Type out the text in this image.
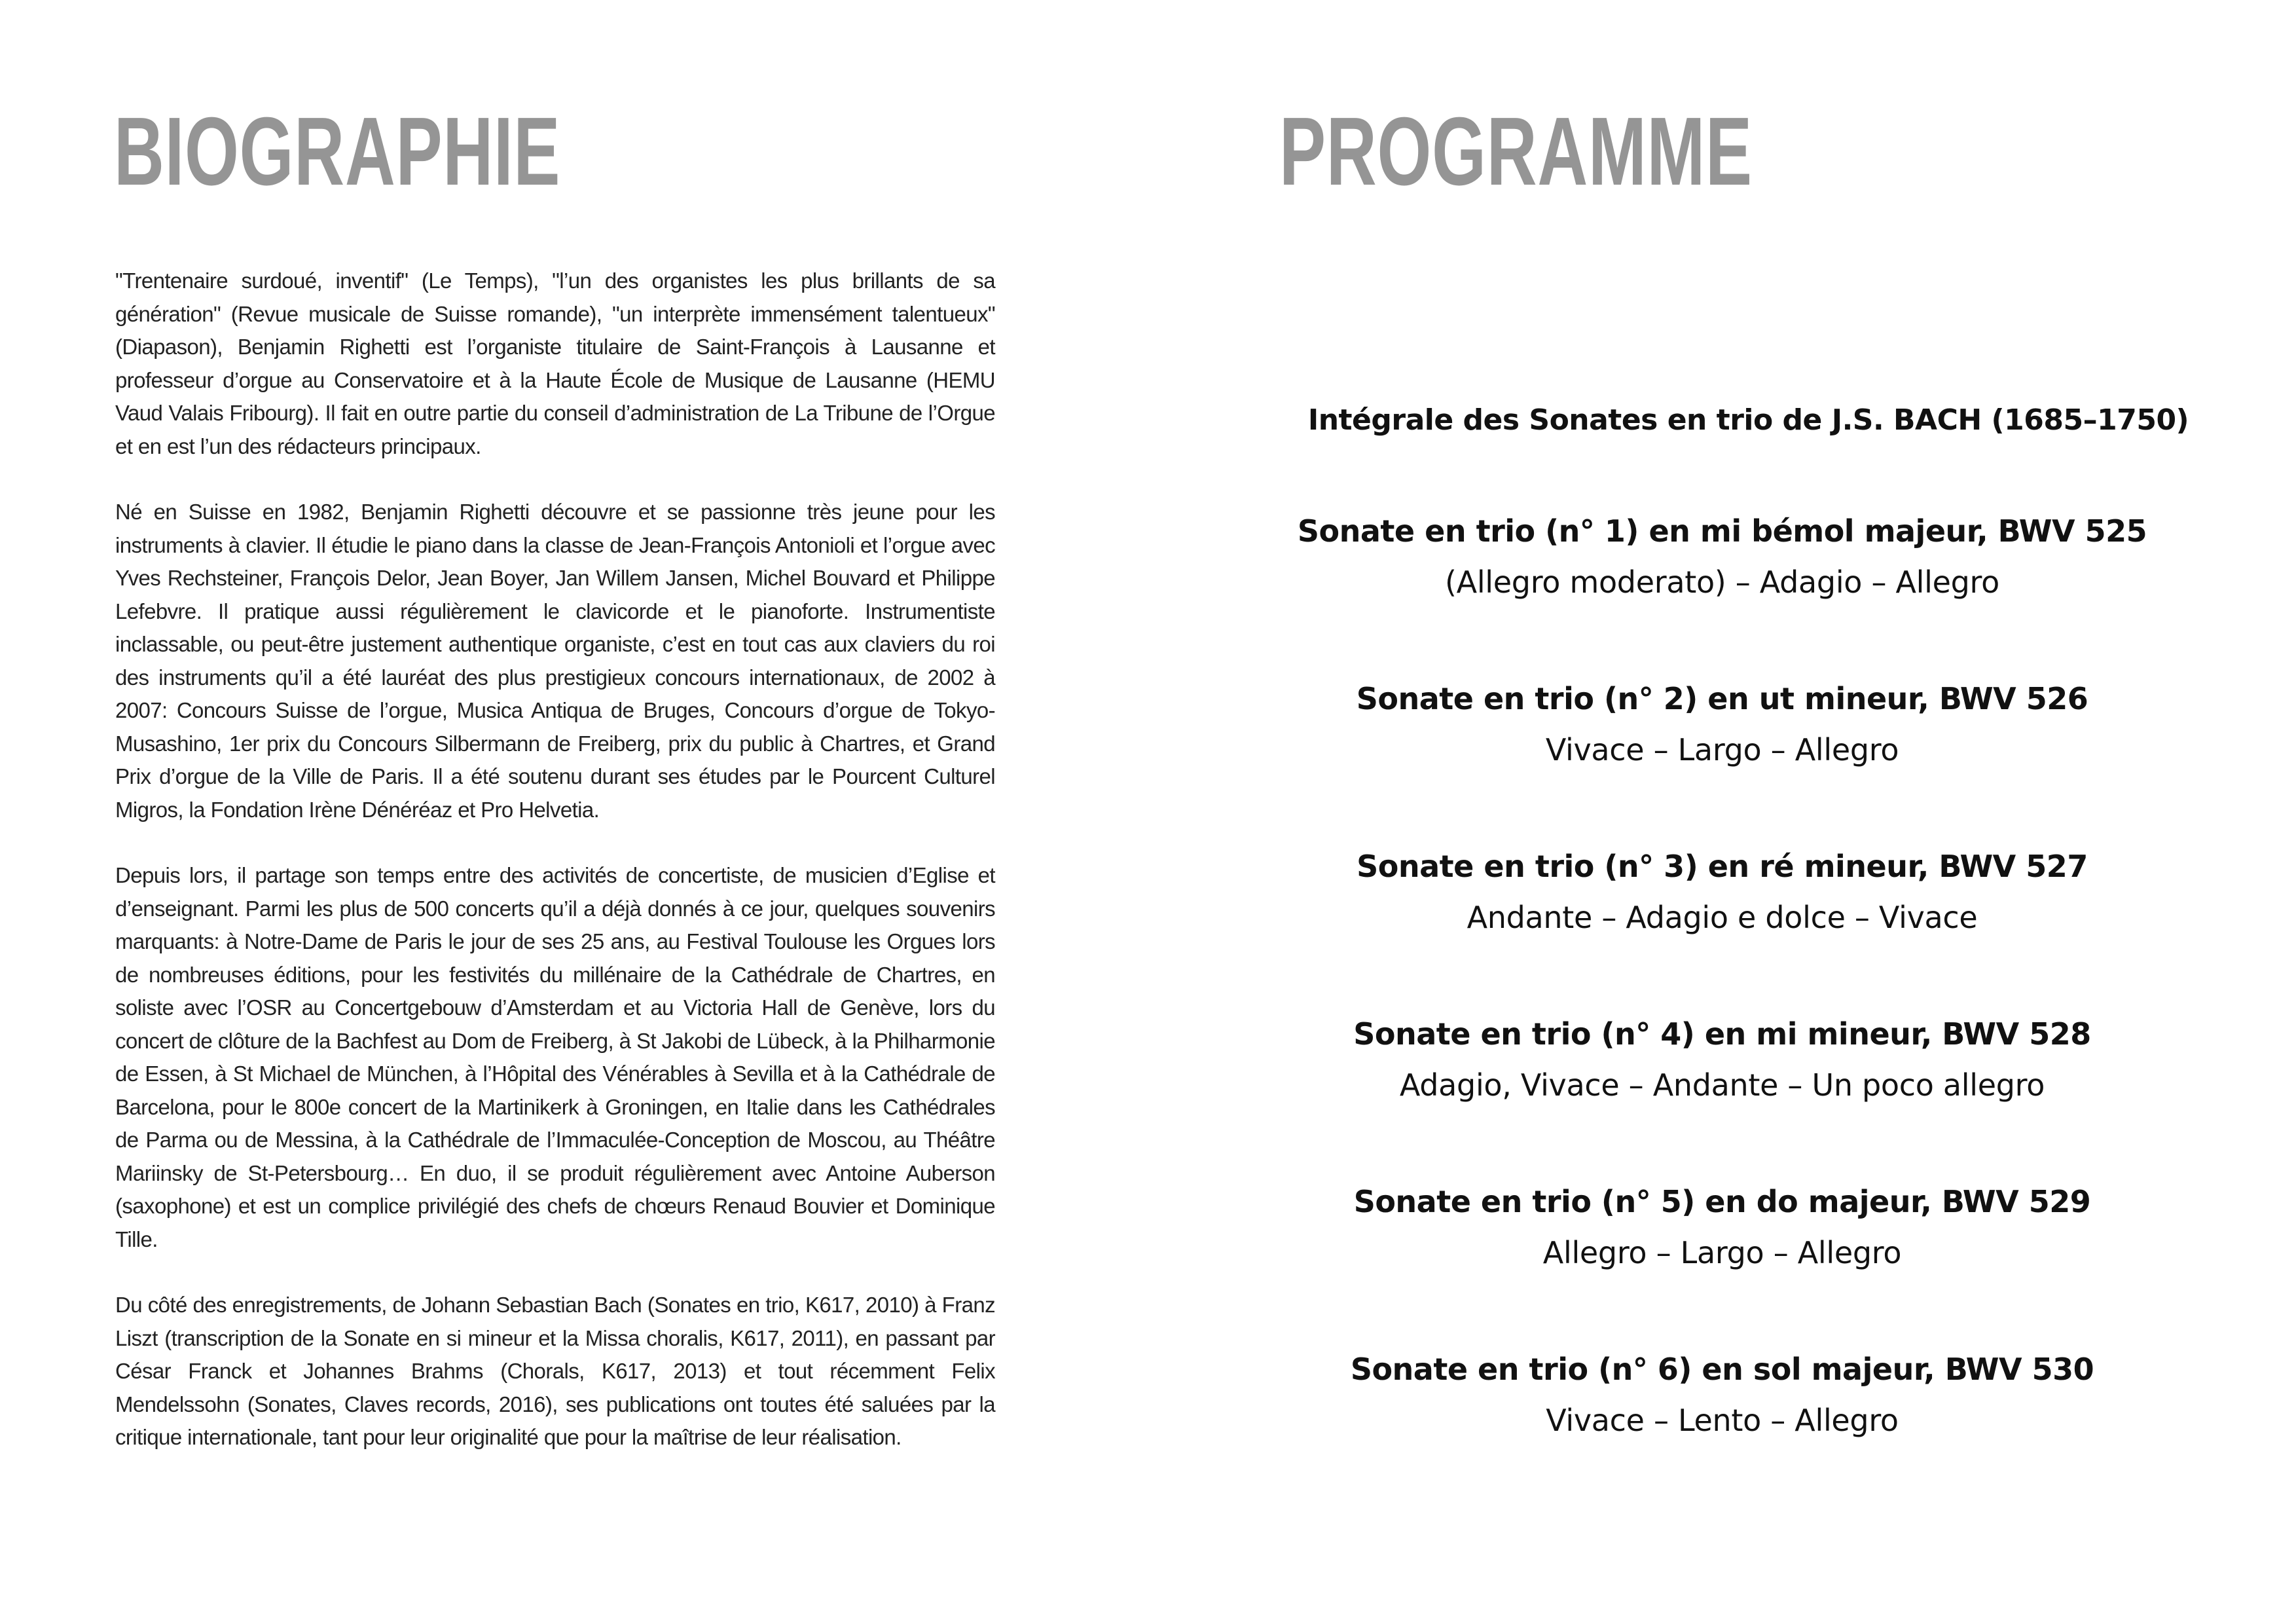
BIOGRAPHIE

"Trentenaire surdoué, inventif" (Le Temps), "l’un des organistes les plus brillants de sa génération" (Revue musicale de Suisse romande), "un interprète immensément talentueux" (Diapason), Benjamin Righetti est l’organiste titulaire de Saint-François à Lausanne et professeur d’orgue au Conservatoire et à la Haute École de Musique de Lausanne (HEMU Vaud Valais Fribourg). Il fait en outre partie du conseil d’administration de La Tribune de l’Orgue et en est l’un des rédacteurs principaux.

Né en Suisse en 1982, Benjamin Righetti découvre et se passionne très jeune pour les instruments à clavier. Il étudie le piano dans la classe de Jean-François Antonioli et l’orgue avec Yves Rechsteiner, François Delor, Jean Boyer, Jan Willem Jansen, Michel Bouvard et Philippe Lefebvre. Il pratique aussi régulièrement le clavicorde et le pianoforte. Instrumentiste inclassable, ou peut-être justement authentique organiste, c’est en tout cas aux claviers du roi des instruments qu’il a été lauréat des plus prestigieux concours internationaux, de 2002 à 2007: Concours Suisse de l’orgue, Musica Antiqua de Bruges, Concours d’orgue de Tokyo-Musashino, 1er prix du Concours Silbermann de Freiberg, prix du public à Chartres, et Grand Prix d’orgue de la Ville de Paris. Il a été soutenu durant ses études par le Pourcent Culturel Migros, la Fondation Irène Dénéréaz et Pro Helvetia.

Depuis lors, il partage son temps entre des activités de concertiste, de musicien d’Eglise et d’enseignant. Parmi les plus de 500 concerts qu’il a déjà donnés à ce jour, quelques souvenirs marquants: à Notre-Dame de Paris le jour de ses 25 ans, au Festival Toulouse les Orgues lors de nombreuses éditions, pour les festivités du millénaire de la Cathédrale de Chartres, en soliste avec l’OSR au Concertgebouw d’Amsterdam et au Victoria Hall de Genève, lors du concert de clôture de la Bachfest au Dom de Freiberg, à St Jakobi de Lübeck, à la Philharmonie de Essen, à St Michael de München, à l’Hôpital des Vénérables à Sevilla et à la Cathédrale de Barcelona, pour le 800e concert de la Martinikerk à Groningen, en Italie dans les Cathédrales de Parma ou de Messina, à la Cathédrale de l’Immaculée-Conception de Moscou, au Théâtre Mariinsky de St-Petersbourg… En duo, il se produit régulièrement avec Antoine Auberson (saxophone) et est un complice privilégié des chefs de chœurs Renaud Bouvier et Dominique Tille.

Du côté des enregistrements, de Johann Sebastian Bach (Sonates en trio, K617, 2010) à Franz Liszt (transcription de la Sonate en si mineur et la Missa choralis, K617, 2011), en passant par César Franck et Johannes Brahms (Chorals, K617, 2013) et tout récemment Felix Mendelssohn (Sonates, Claves records, 2016), ses publications ont toutes été saluées par la critique internationale, tant pour leur originalité que pour la maîtrise de leur réalisation.

PROGRAMME

Intégrale des Sonates en trio de J.S. BACH (1685–1750)

Sonate en trio (n° 1) en mi bémol majeur, BWV 525

(Allegro moderato) – Adagio – Allegro

Sonate en trio (n° 2) en ut mineur, BWV 526

Vivace – Largo – Allegro

Sonate en trio (n° 3) en ré mineur, BWV 527

Andante – Adagio e dolce – Vivace

Sonate en trio (n° 4) en mi mineur, BWV 528

Adagio, Vivace – Andante – Un poco allegro

Sonate en trio (n° 5) en do majeur, BWV 529

Allegro – Largo – Allegro

Sonate en trio (n° 6) en sol majeur, BWV 530

Vivace – Lento – Allegro
